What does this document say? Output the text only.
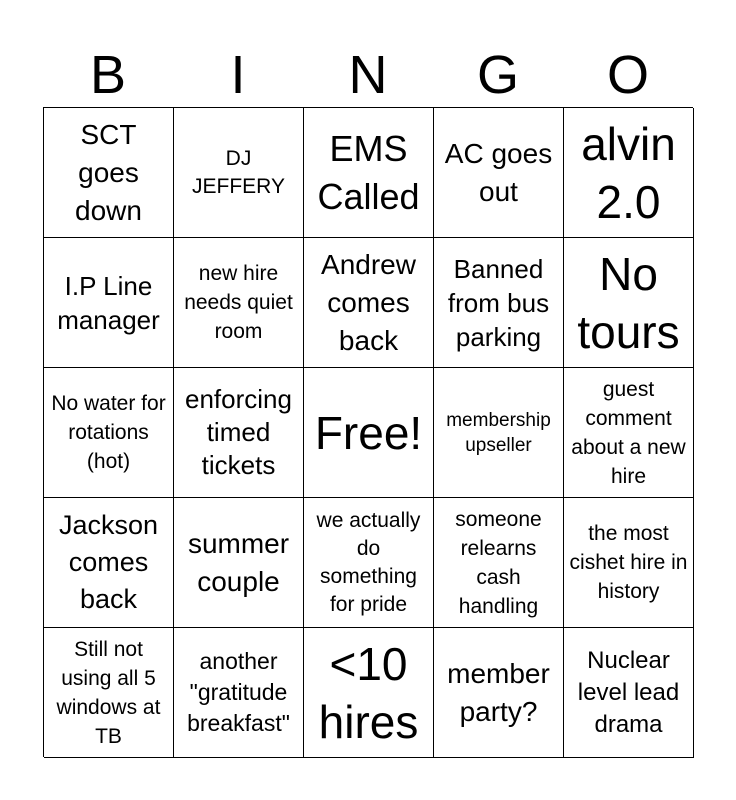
B	I	N	G	O
SCT goes down
DJ JEFFERY
EMS Called
AC goes out
alvin 2.0
I.P Line manager
new hire needs quiet room
Andrew comes back
Banned from bus parking
No tours
No water for rotations (hot)
enforcing timed tickets
Free!	membership upseller
guest comment about a new hire
Jackson comes back
summer couple
we actually do something for pride
someone relearns cash handling
the most cishet hire in history
Still not using all 5 windows at TB
another "gratitude breakfast"
<10 hires
member party?
Nuclear level lead drama
